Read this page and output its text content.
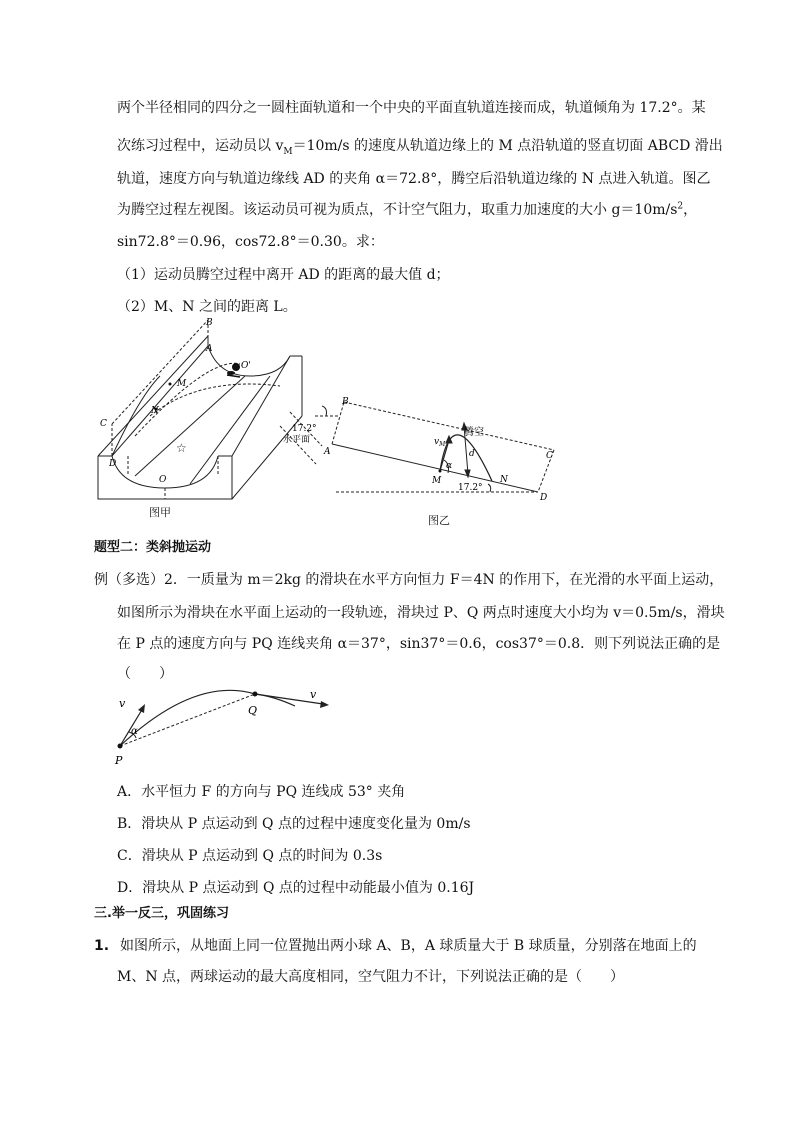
两个半径相同的四分之一圆柱面轨道和一个中央的平面直轨道连接而成，轨道倾角为 17.2°。某
次练习过程中，运动员以 $v_M=10m/s$ 的速度从轨道边缘上的 M 点沿轨道的竖直切面 ABCD 滑出
轨道，速度方向与轨道边缘线 AD 的夹角 α＝72.8°，腾空后沿轨道边缘的 N 点进入轨道。图乙
为腾空过程左视图。该运动员可视为质点，不计空气阻力，取重力加速度的大小 $g=10m/s^2$，
sin72.8°＝0.96，cos72.8°＝0.30。求：
（1）运动员腾空过程中离开 AD 的距离的最大值 d；
（2）M、N 之间的距离 L。
☆
B
A
C
D
M
N
O
O'
17.2°
水平面
图甲
B
A	C
D
M	N
$v_M$
α
d
腾空
17.2°
图乙
题型二：类斜抛运动
例（多选）2．一质量为 m＝2kg 的滑块在水平方向恒力 F＝4N 的作用下，在光滑的水平面上运动，
如图所示为滑块在水平面上运动的一段轨迹，滑块过 P、Q 两点时速度大小均为 v＝0.5m/s，滑块
在 P 点的速度方向与 PQ 连线夹角 α＝37°，sin37°＝0.6，cos37°＝0.8．则下列说法正确的是
（　　）
v
v
P
Q
α
A．水平恒力 F 的方向与 PQ 连线成 53° 夹角
B．滑块从 P 点运动到 Q 点的过程中速度变化量为 0m/s
C．滑块从 P 点运动到 Q 点的时间为 0.3s
D．滑块从 P 点运动到 Q 点的过程中动能最小值为 0.16J
三.举一反三，巩固练习
1. 如图所示，从地面上同一位置抛出两小球 A、B，A 球质量大于 B 球质量，分别落在地面上的
M、N 点，两球运动的最大高度相同，空气阻力不计，下列说法正确的是（　　）
